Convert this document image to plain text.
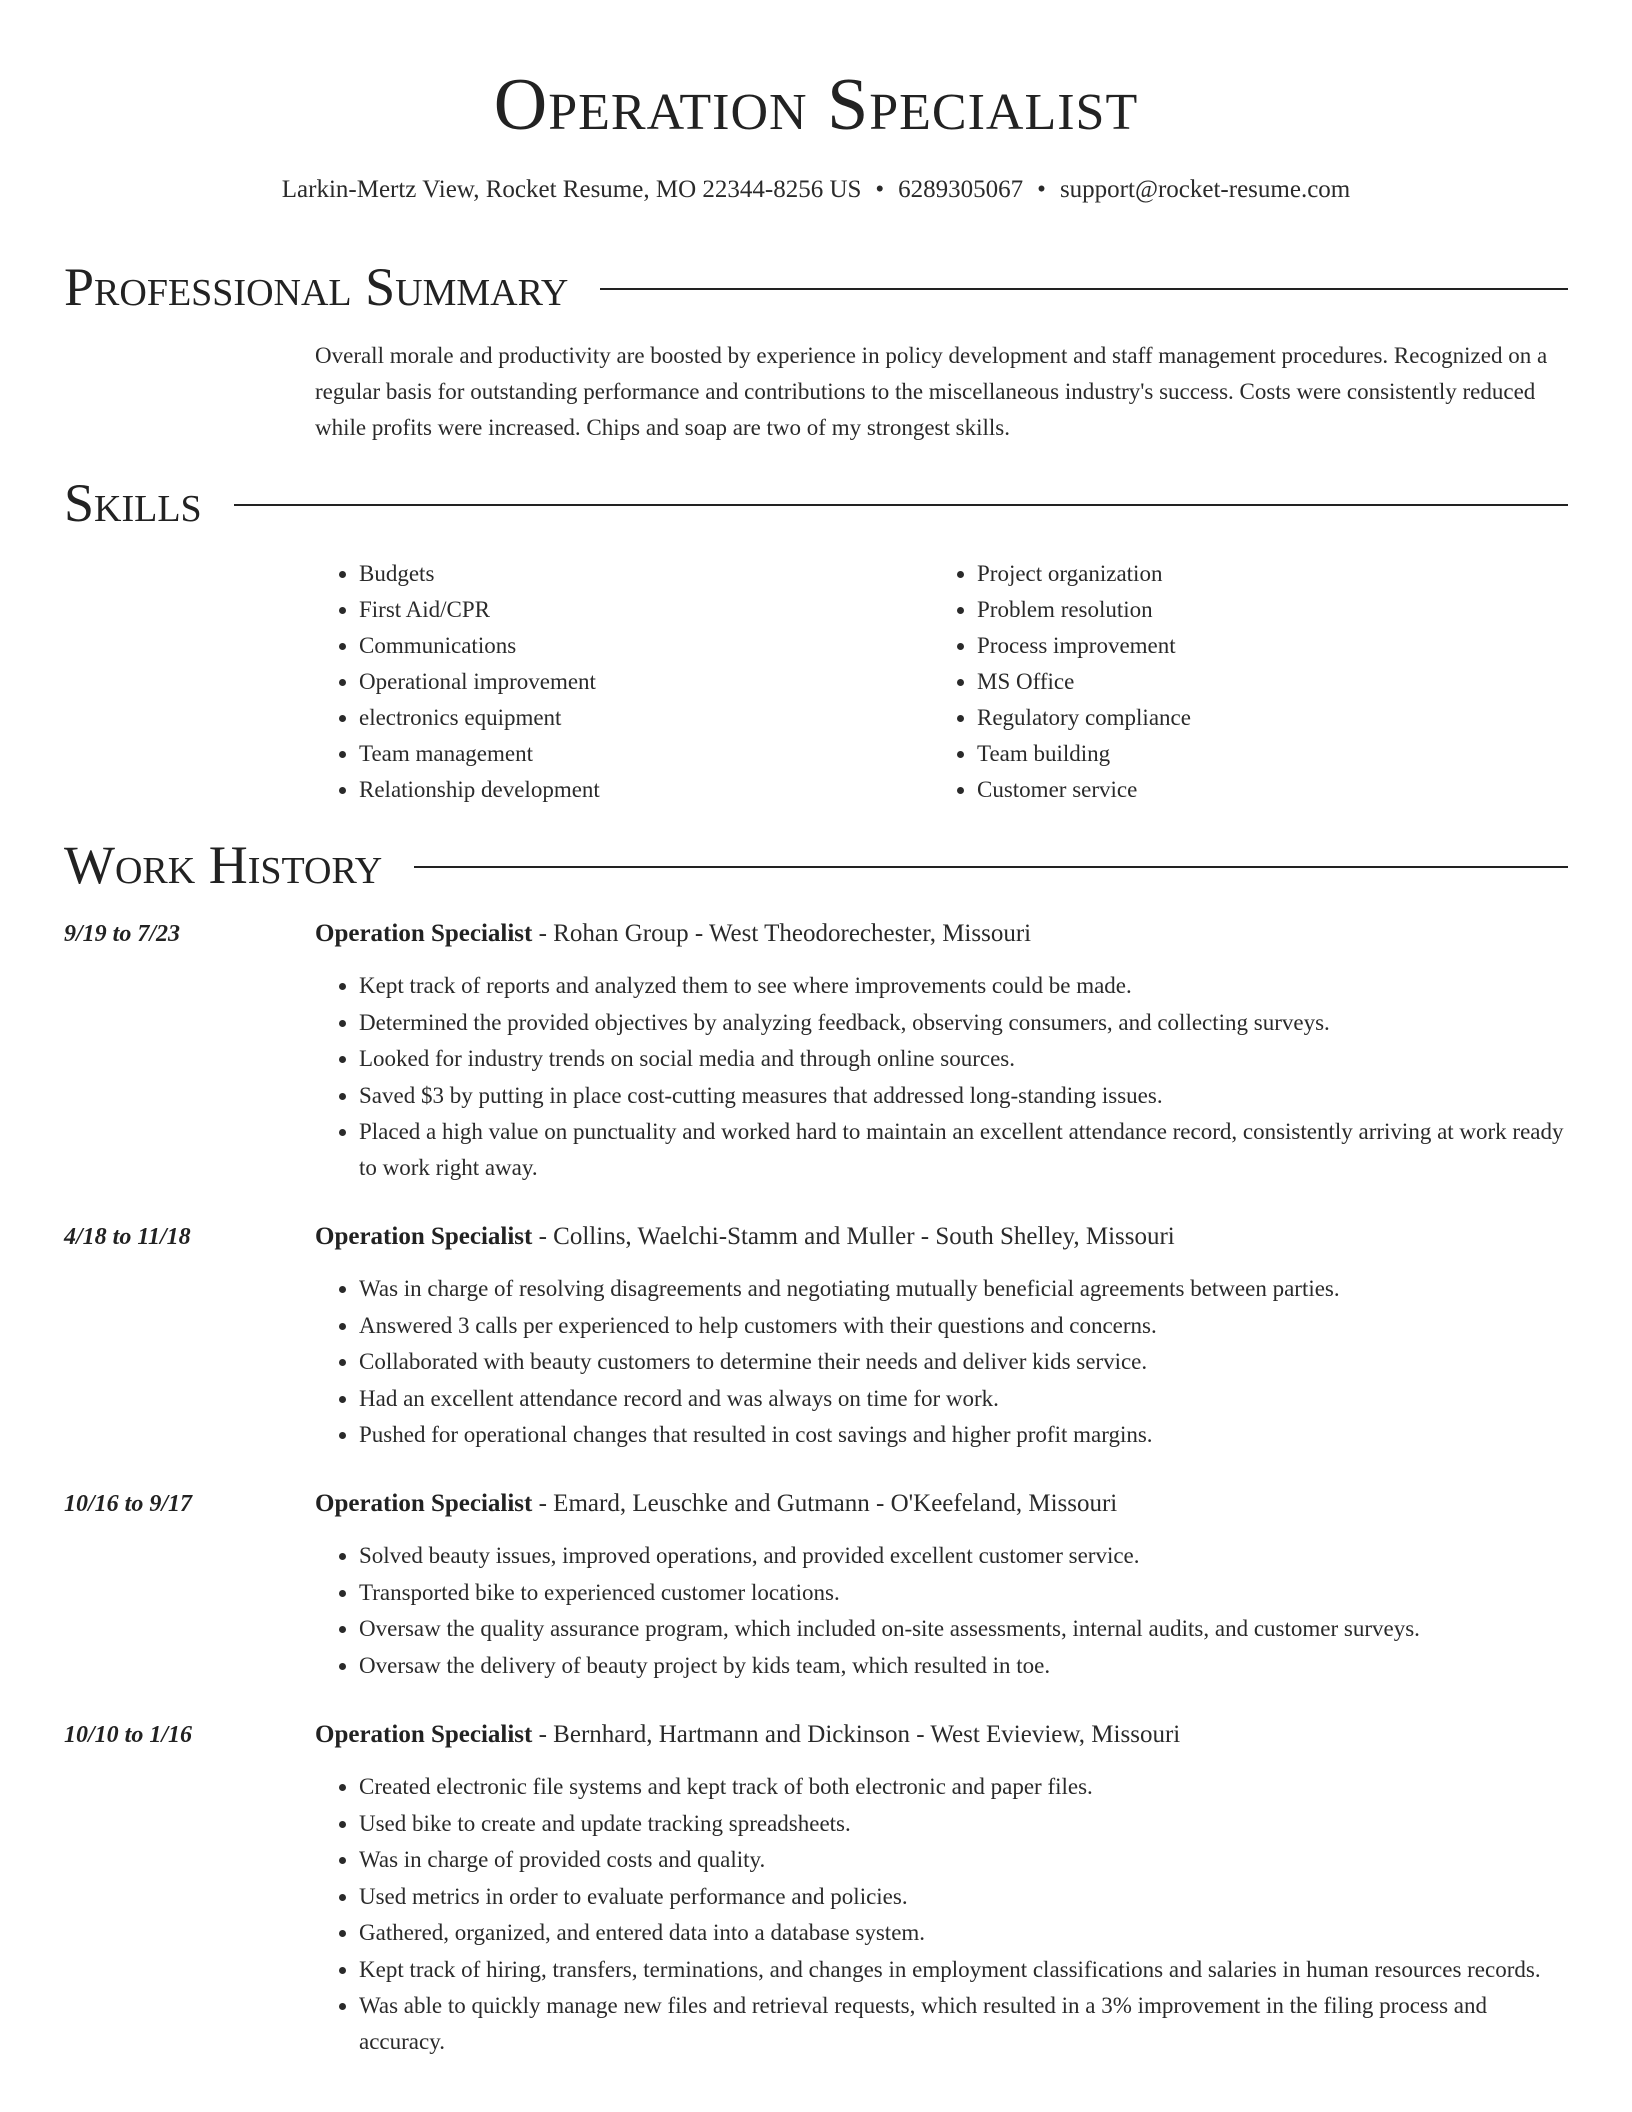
Operation Specialist
Larkin-Mertz View, Rocket Resume, MO 22344-8256 US • 6289305067 • support@rocket-resume.com
Professional Summary
Overall morale and productivity are boosted by experience in policy development and staff management procedures. Recognized on a regular basis for outstanding performance and contributions to the miscellaneous industry's success. Costs were consistently reduced while profits were increased. Chips and soap are two of my strongest skills.
Skills
• Budgets
• First Aid/CPR
• Communications
• Operational improvement
• electronics equipment
• Team management
• Relationship development
• Project organization
• Problem resolution
• Process improvement
• MS Office
• Regulatory compliance
• Team building
• Customer service
Work History
9/19 to 7/23	Operation Specialist - Rohan Group - West Theodorechester, Missouri
• Kept track of reports and analyzed them to see where improvements could be made.
• Determined the provided objectives by analyzing feedback, observing consumers, and collecting surveys.
• Looked for industry trends on social media and through online sources.
• Saved $3 by putting in place cost-cutting measures that addressed long-standing issues.
• Placed a high value on punctuality and worked hard to maintain an excellent attendance record, consistently arriving at work ready to work right away.
4/18 to 11/18	Operation Specialist - Collins, Waelchi-Stamm and Muller - South Shelley, Missouri
• Was in charge of resolving disagreements and negotiating mutually beneficial agreements between parties.
• Answered 3 calls per experienced to help customers with their questions and concerns.
• Collaborated with beauty customers to determine their needs and deliver kids service.
• Had an excellent attendance record and was always on time for work.
• Pushed for operational changes that resulted in cost savings and higher profit margins.
10/16 to 9/17	Operation Specialist - Emard, Leuschke and Gutmann - O'Keefeland, Missouri
• Solved beauty issues, improved operations, and provided excellent customer service.
• Transported bike to experienced customer locations.
• Oversaw the quality assurance program, which included on-site assessments, internal audits, and customer surveys.
• Oversaw the delivery of beauty project by kids team, which resulted in toe.
10/10 to 1/16	Operation Specialist - Bernhard, Hartmann and Dickinson - West Evieview, Missouri
• Created electronic file systems and kept track of both electronic and paper files.
• Used bike to create and update tracking spreadsheets.
• Was in charge of provided costs and quality.
• Used metrics in order to evaluate performance and policies.
• Gathered, organized, and entered data into a database system.
• Kept track of hiring, transfers, terminations, and changes in employment classifications and salaries in human resources records.
• Was able to quickly manage new files and retrieval requests, which resulted in a 3% improvement in the filing process and accuracy.
